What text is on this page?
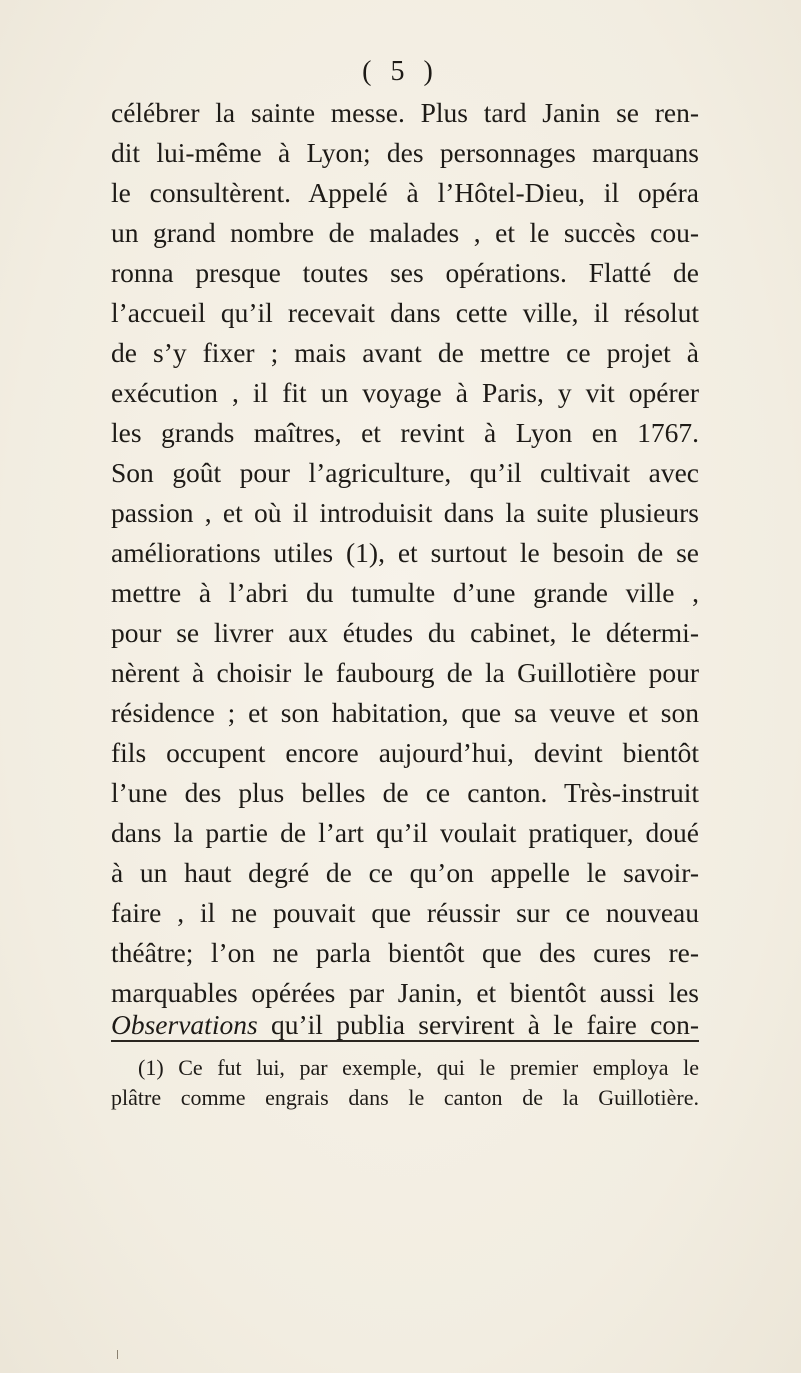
( 5 )
célébrer la sainte messe. Plus tard Janin se ren-
dit lui-même à Lyon; des personnages marquans
le consultèrent. Appelé à l’Hôtel-Dieu, il opéra
un grand nombre de malades , et le succès cou-
ronna presque toutes ses opérations. Flatté de
l’accueil qu’il recevait dans cette ville, il résolut
de s’y fixer ; mais avant de mettre ce projet à
exécution , il fit un voyage à Paris, y vit opérer
les grands maîtres, et revint à Lyon en 1767.
Son goût pour l’agriculture, qu’il cultivait avec
passion , et où il introduisit dans la suite plusieurs
améliorations utiles (1), et surtout le besoin de se
mettre à l’abri du tumulte d’une grande ville ,
pour se livrer aux études du cabinet, le détermi-
nèrent à choisir le faubourg de la Guillotière pour
résidence ; et son habitation, que sa veuve et son
fils occupent encore aujourd’hui, devint bientôt
l’une des plus belles de ce canton. Très-instruit
dans la partie de l’art qu’il voulait pratiquer, doué
à un haut degré de ce qu’on appelle le savoir-
faire , il ne pouvait que réussir sur ce nouveau
théâtre; l’on ne parla bientôt que des cures re-
marquables opérées par Janin, et bientôt aussi les
Observations qu’il publia servirent à le faire con-
(1) Ce fut lui, par exemple, qui le premier employa le
plâtre comme engrais dans le canton de la Guillotière.
